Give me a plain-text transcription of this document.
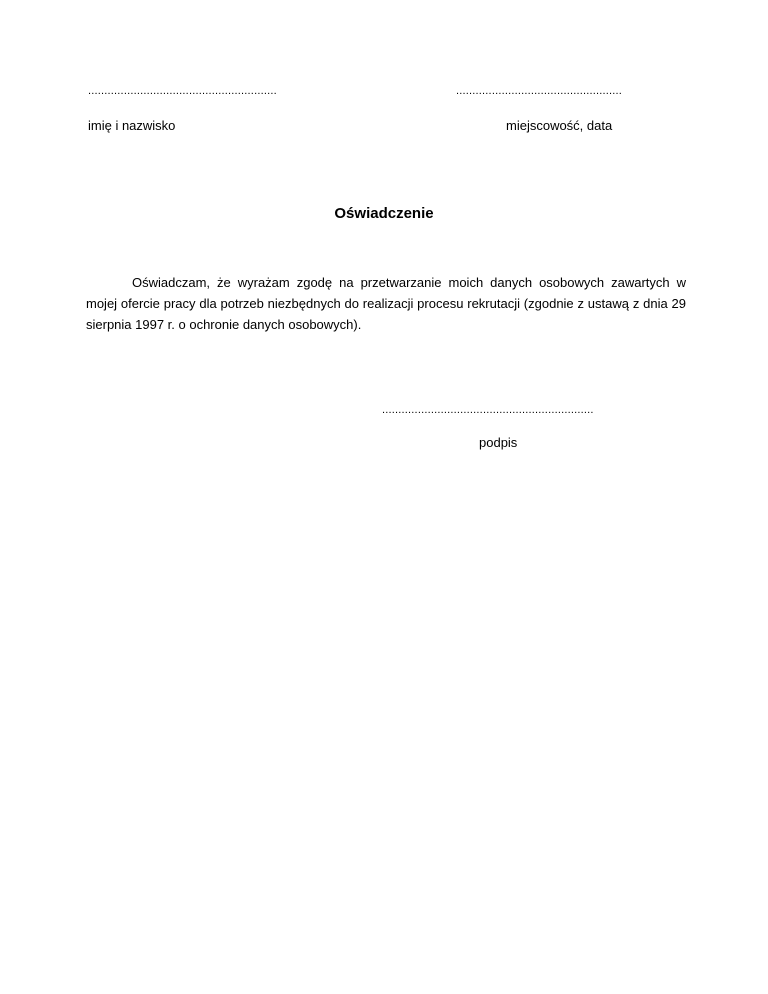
..........................................................	...................................................
imię i nazwisko	miejscowość, data
Oświadczenie
Oświadczam, że wyrażam zgodę na przetwarzanie moich danych osobowych zawartych w mojej ofercie pracy dla potrzeb niezbędnych do realizacji procesu rekrutacji (zgodnie z ustawą z dnia 29 sierpnia 1997 r. o ochronie danych osobowych).
.................................................................
podpis
